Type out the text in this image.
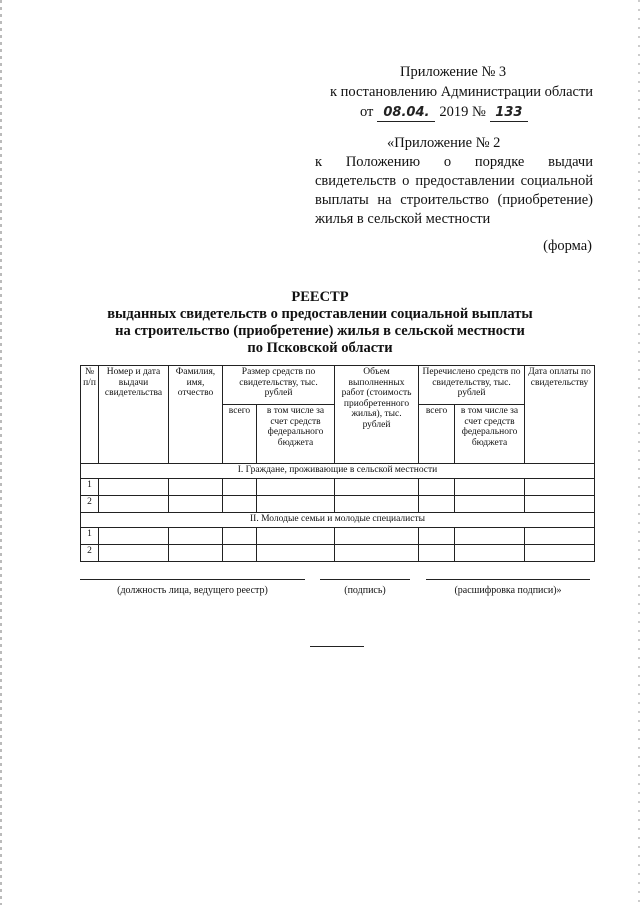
Приложение № 3
к постановлению Администрации области
от 08.04. 2019 № 133
«Приложение № 2
к Положению о порядке выдачи
свидетельств о предоставлении социальной
выплаты на строительство (приобретение)
жилья в сельской местности
(форма)
РЕЕСТР
выданных свидетельств о предоставлении социальной выплаты
на строительство (приобретение) жилья в сельской местности
по Псковской области
№ п/п	Номер и дата выдачи свидетельства	Фамилия, имя, отчество	Размер средств по свидетельству, тыс. рублей		Объем выполненных работ (стоимость приобретенного жилья), тыс. рублей	Перечислено средств по свидетельству, тыс. рублей		Дата оплаты по свидетельству
			всего	в том числе за счет средств федерального бюджета		всего	в том числе за счет средств федерального бюджета	
I. Граждане, проживающие в сельской местности								
1								
2								
II. Молодые семьи и молодые специалисты								
1								
2								
(должность лица, ведущего реестр)	(подпись)	(расшифровка подписи)»
